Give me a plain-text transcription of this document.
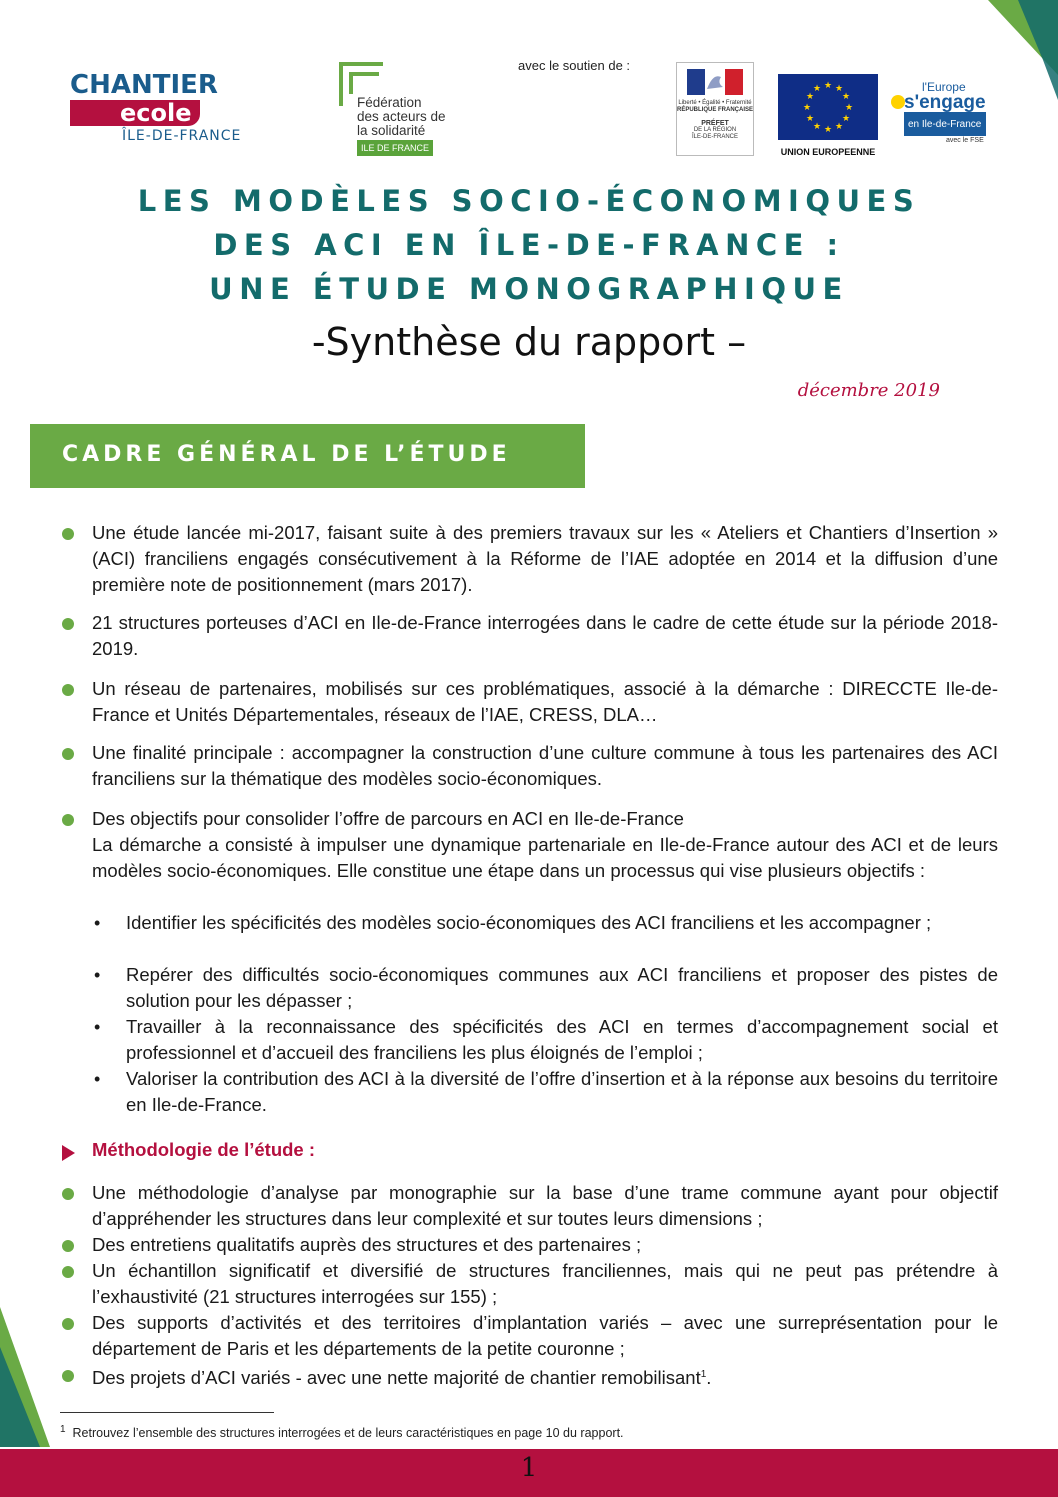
CHANTIER
ecole
ÎLE-DE-FRANCE
Fédération
des acteurs de
la solidarité
ILE DE FRANCE
avec le soutien de :
Liberté • Égalité • Fraternité
RÉPUBLIQUE FRANÇAISE
PRÉFET
DE LA RÉGION
ÎLE-DE-FRANCE
★ ★
★
★
★
★
★
★
★
★
★
★
UNION EUROPEENNE
l'Europe
s'engage
en Ile-de-France
avec le FSE
LES MODÈLES SOCIO-ÉCONOMIQUES
DES ACI EN ÎLE-DE-FRANCE :
UNE ÉTUDE MONOGRAPHIQUE
-Synthèse du rapport –
décembre 2019
CADRE GÉNÉRAL DE L’ÉTUDE
Une étude lancée mi-2017, faisant suite à des premiers travaux sur les « Ateliers et Chantiers d’Insertion » (ACI) franciliens engagés consécutivement à la Réforme de l’IAE adoptée en 2014 et la diffusion d’une première note de positionnement (mars 2017).
21 structures porteuses d’ACI en Ile-de-France interrogées dans le cadre de cette étude sur la période 2018-2019.
Un réseau de partenaires, mobilisés sur ces problématiques, associé à la démarche : DIRECCTE Ile-de-France et Unités Départementales, réseaux de l’IAE, CRESS, DLA…
Une finalité principale : accompagner la construction d’une culture commune à tous les partenaires des ACI franciliens sur la thématique des modèles socio-économiques.
Des objectifs pour consolider l’offre de parcours en ACI en Ile-de-France
La démarche a consisté à impulser une dynamique partenariale en Ile-de-France autour des ACI et de leurs modèles socio-économiques. Elle constitue une étape dans un processus qui vise plusieurs objectifs :
• Identifier les spécificités des modèles socio-économiques des ACI franciliens et les accompagner ;
• Repérer des difficultés socio-économiques communes aux ACI franciliens et proposer des pistes de solution pour les dépasser ;
• Travailler à la reconnaissance des spécificités des ACI en termes d’accompagnement social et professionnel et d’accueil des franciliens les plus éloignés de l’emploi ;
• Valoriser la contribution des ACI à la diversité de l’offre d’insertion et à la réponse aux besoins du territoire en Ile-de-France.
Méthodologie de l’étude :
Une méthodologie d’analyse par monographie sur la base d’une trame commune ayant pour objectif d’appréhender les structures dans leur complexité et sur toutes leurs dimensions ;
Des entretiens qualitatifs auprès des structures et des partenaires ;
Un échantillon significatif et diversifié de structures franciliennes, mais qui ne peut pas prétendre à l’exhaustivité (21 structures interrogées sur 155) ;
Des supports d’activités et des territoires d’implantation variés – avec une surreprésentation pour le département de Paris et les départements de la petite couronne ;
Des projets d’ACI variés - avec une nette majorité de chantier remobilisant$^1$.
$^1$ Retrouvez l’ensemble des structures interrogées et de leurs caractéristiques en page 10 du rapport.
1
